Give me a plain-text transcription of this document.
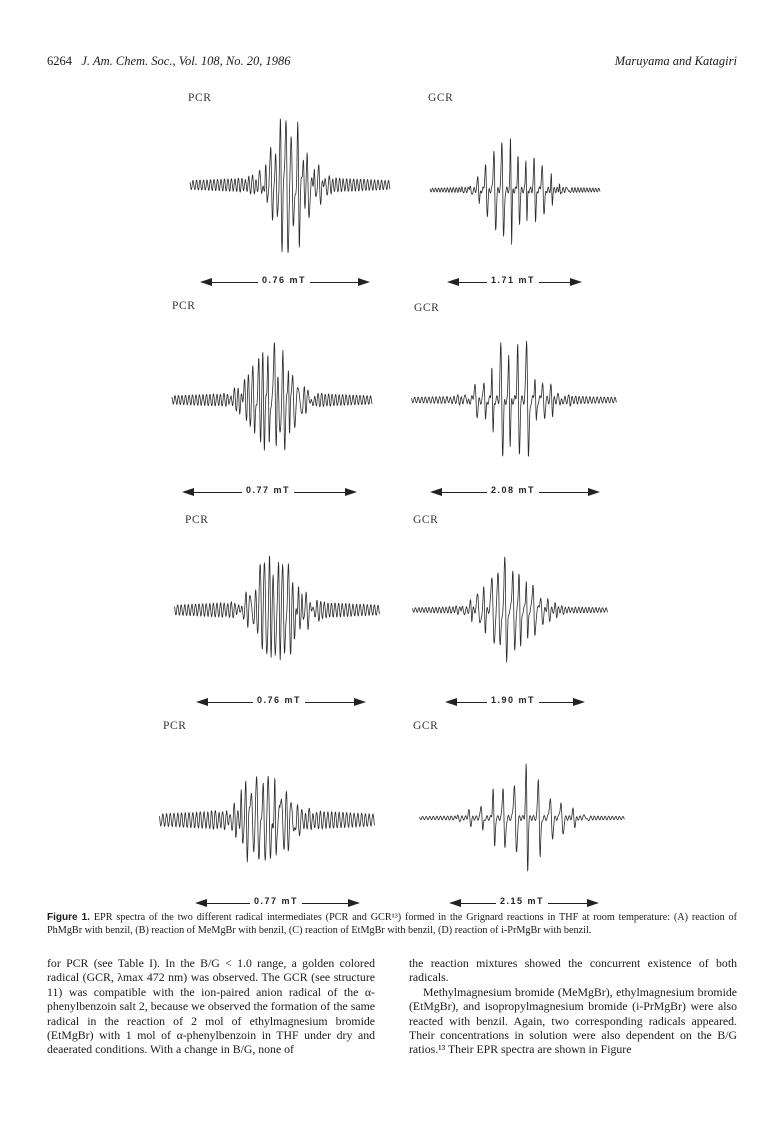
6264 J. Am. Chem. Soc., Vol. 108, No. 20, 1986	Maruyama and Katagiri
PCR	GCR
PCR	GCR
PCR	GCR
PCR	GCR
0.76 mT	1.71 mT
0.77 mT	2.08 mT
0.76 mT	1.90 mT
0.77 mT	2.15 mT
Figure 1. EPR spectra of the two different radical intermediates (PCR and GCR¹³) formed in the Grignard reactions in THF at room temperature: (A) reaction of PhMgBr with benzil, (B) reaction of MeMgBr with benzil, (C) reaction of EtMgBr with benzil, (D) reaction of i-PrMgBr with benzil.

for PCR (see Table I). In the B/G < 1.0 range, a golden colored radical (GCR, λmax 472 nm) was observed. The GCR (see structure 11) was compatible with the ion-paired anion radical of the α-phenylbenzoin salt 2, because we observed the formation of the same radical in the reaction of 2 mol of ethylmagnesium bromide (EtMgBr) with 1 mol of α-phenylbenzoin in THF under dry and deaerated conditions. With a change in B/G, none of

the reaction mixtures showed the concurrent existence of both radicals.

Methylmagnesium bromide (MeMgBr), ethylmagnesium bromide (EtMgBr), and isopropylmagnesium bromide (i-PrMgBr) were also reacted with benzil. Again, two corresponding radicals appeared. Their concentrations in solution were also dependent on the B/G ratios.¹³ Their EPR spectra are shown in Figure
